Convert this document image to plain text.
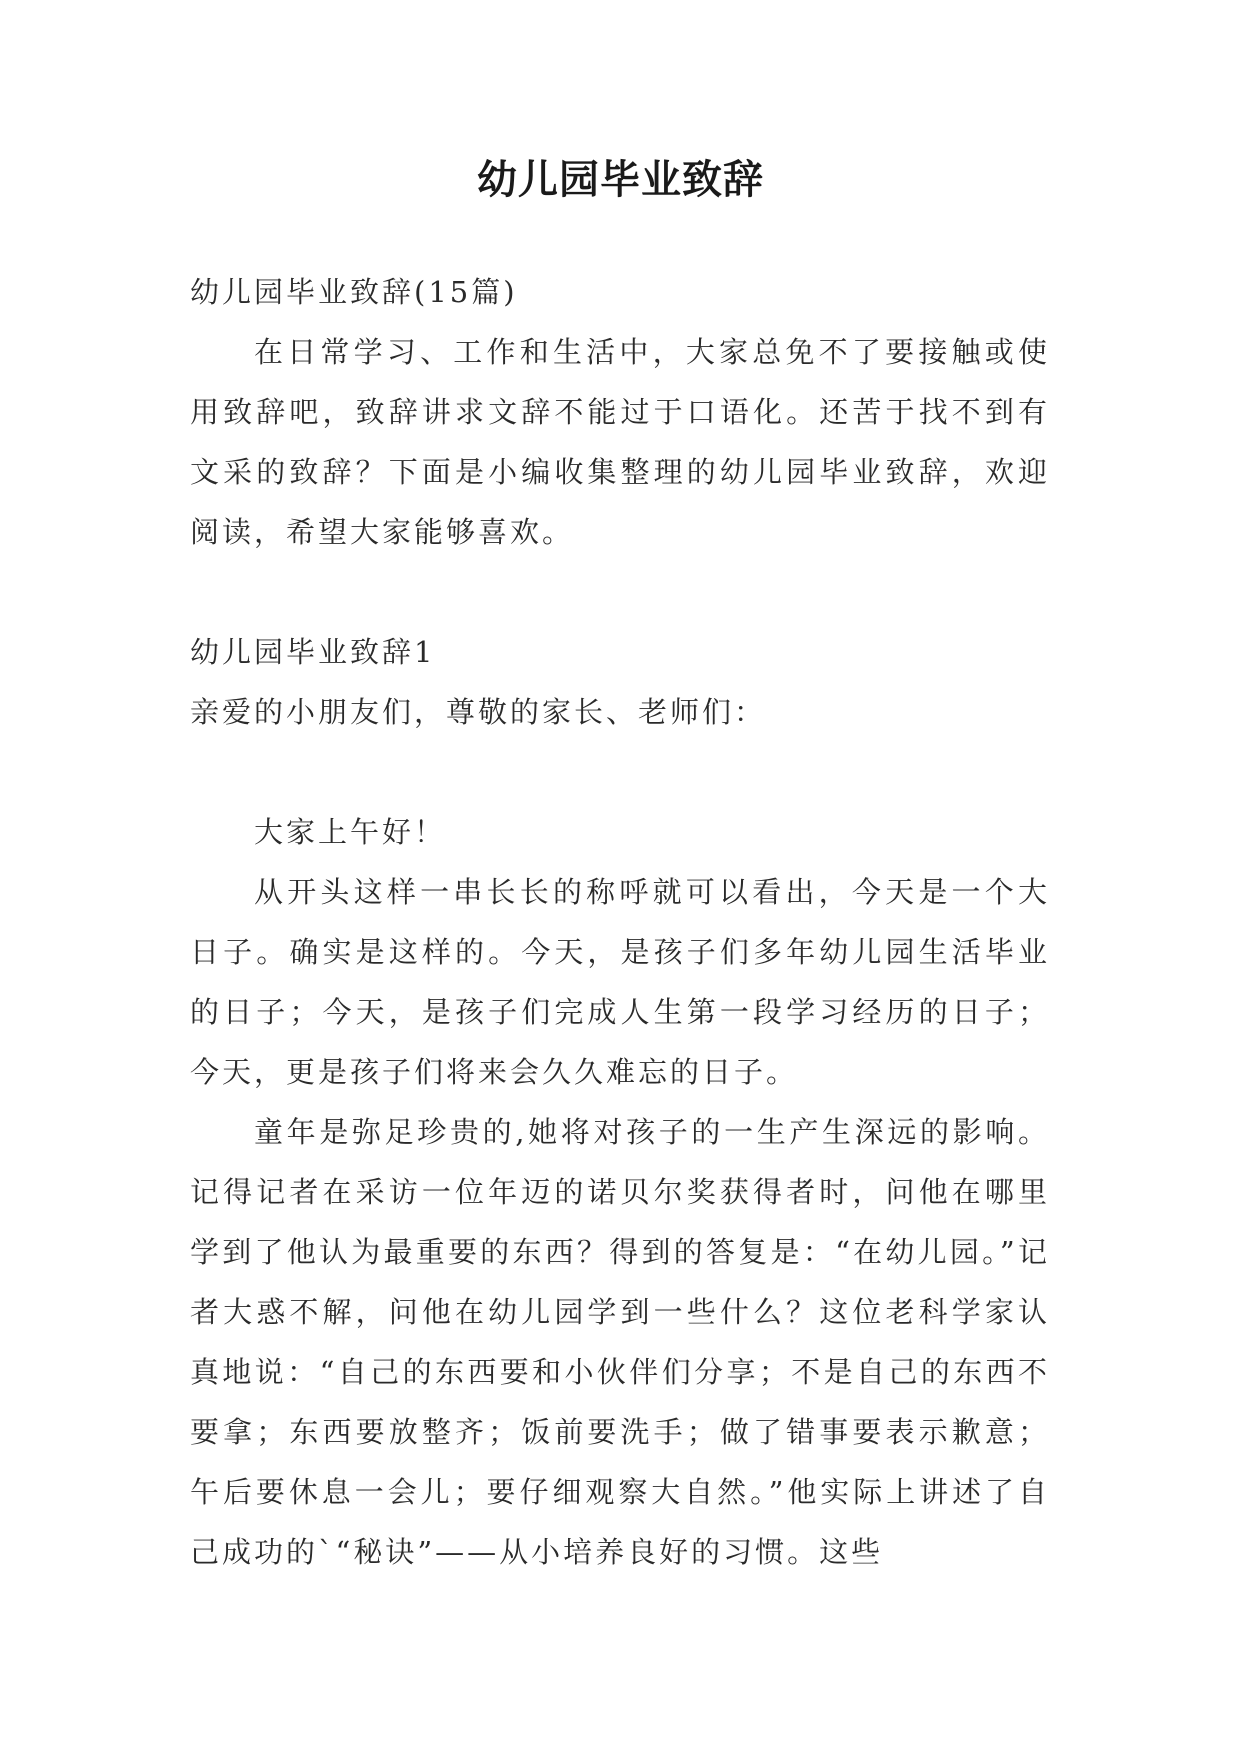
幼儿园毕业致辞

幼儿园毕业致辞(15篇)

在日常学习、工作和生活中，大家总免不了要接触或使用致辞吧，致辞讲求文辞不能过于口语化。还苦于找不到有文采的致辞？下面是小编收集整理的幼儿园毕业致辞，欢迎阅读，希望大家能够喜欢。

幼儿园毕业致辞1

亲爱的小朋友们，尊敬的家长、老师们：

大家上午好！

从开头这样一串长长的称呼就可以看出，今天是一个大日子。确实是这样的。今天，是孩子们多年幼儿园生活毕业的日子；今天，是孩子们完成人生第一段学习经历的日子；今天，更是孩子们将来会久久难忘的日子。

童年是弥足珍贵的,她将对孩子的一生产生深远的影响。记得记者在采访一位年迈的诺贝尔奖获得者时，问他在哪里学到了他认为最重要的东西？得到的答复是：“在幼儿园。”记者大惑不解，问他在幼儿园学到一些什么？这位老科学家认真地说：“自己的东西要和小伙伴们分享；不是自己的东西不要拿；东西要放整齐；饭前要洗手；做了错事要表示歉意；午后要休息一会儿；要仔细观察大自然。”他实际上讲述了自己成功的`“秘诀”——从小培养良好的习惯。这些
